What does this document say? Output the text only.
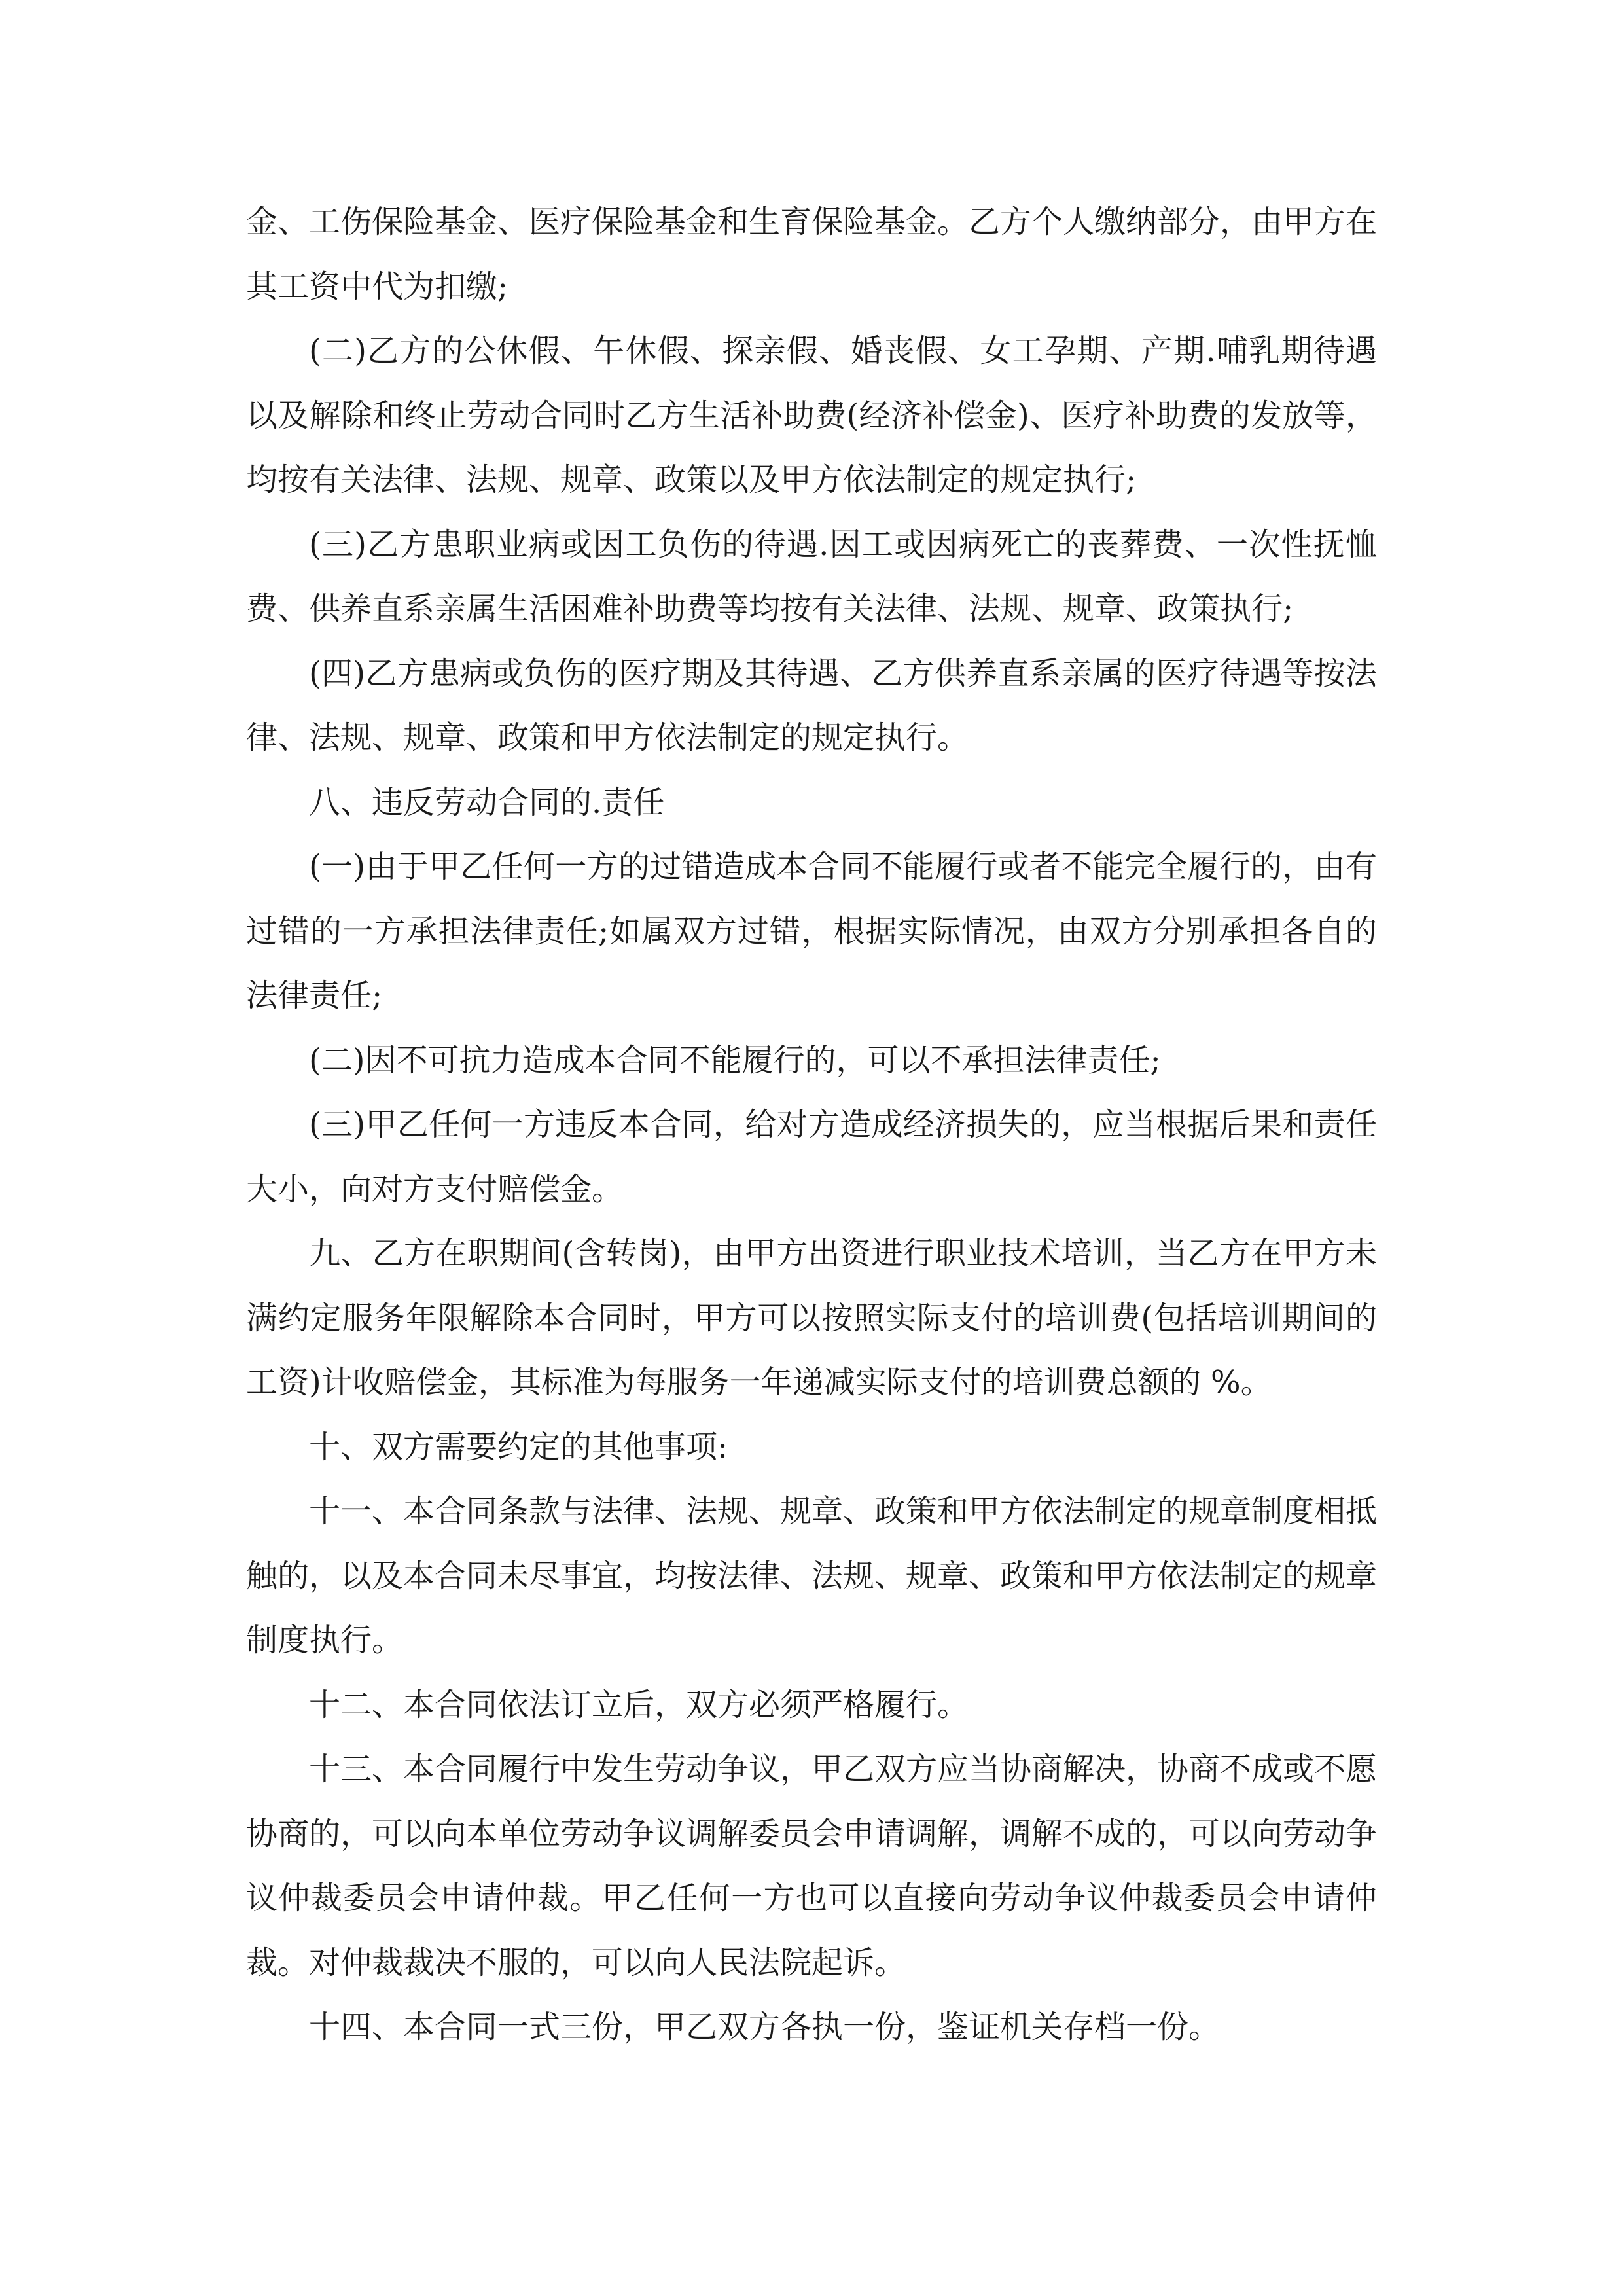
金、工伤保险基金、医疗保险基金和生育保险基金。乙方个人缴纳部分，由甲方在其工资中代为扣缴;

(二)乙方的公休假、午休假、探亲假、婚丧假、女工孕期、产期.哺乳期待遇以及解除和终止劳动合同时乙方生活补助费(经济补偿金)、医疗补助费的发放等，均按有关法律、法规、规章、政策以及甲方依法制定的规定执行;

(三)乙方患职业病或因工负伤的待遇.因工或因病死亡的丧葬费、一次性抚恤费、供养直系亲属生活困难补助费等均按有关法律、法规、规章、政策执行;

(四)乙方患病或负伤的医疗期及其待遇、乙方供养直系亲属的医疗待遇等按法律、法规、规章、政策和甲方依法制定的规定执行。

八、违反劳动合同的.责任

(一)由于甲乙任何一方的过错造成本合同不能履行或者不能完全履行的，由有过错的一方承担法律责任;如属双方过错，根据实际情况，由双方分别承担各自的法律责任;

(二)因不可抗力造成本合同不能履行的，可以不承担法律责任;

(三)甲乙任何一方违反本合同，给对方造成经济损失的，应当根据后果和责任大小，向对方支付赔偿金。

九、乙方在职期间(含转岗)，由甲方出资进行职业技术培训，当乙方在甲方未满约定服务年限解除本合同时，甲方可以按照实际支付的培训费(包括培训期间的工资)计收赔偿金，其标准为每服务一年递减实际支付的培训费总额的 %。

十、双方需要约定的其他事项:

十一、本合同条款与法律、法规、规章、政策和甲方依法制定的规章制度相抵触的，以及本合同未尽事宜，均按法律、法规、规章、政策和甲方依法制定的规章制度执行。

十二、本合同依法订立后，双方必须严格履行。

十三、本合同履行中发生劳动争议，甲乙双方应当协商解决，协商不成或不愿协商的，可以向本单位劳动争议调解委员会申请调解，调解不成的，可以向劳动争议仲裁委员会申请仲裁。甲乙任何一方也可以直接向劳动争议仲裁委员会申请仲裁。对仲裁裁决不服的，可以向人民法院起诉。

十四、本合同一式三份，甲乙双方各执一份，鉴证机关存档一份。
